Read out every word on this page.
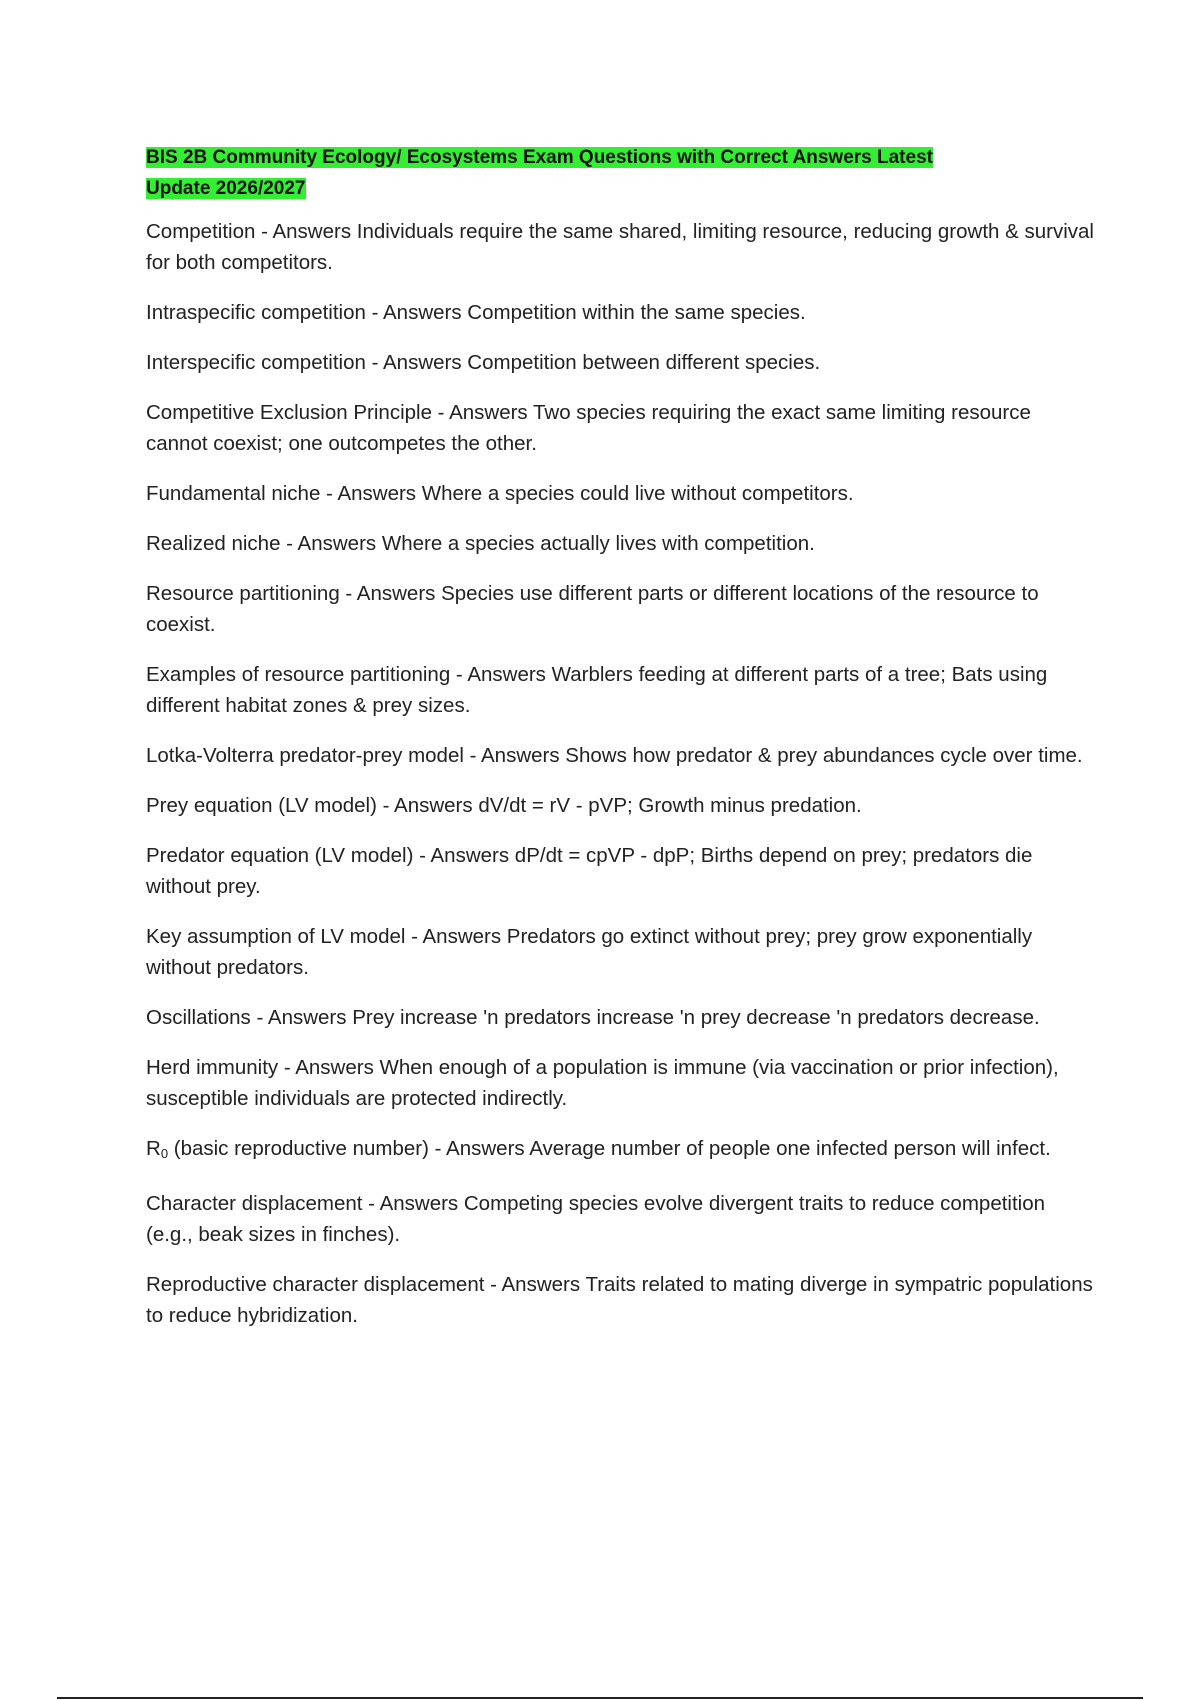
BIS 2B Community Ecology/ Ecosystems Exam Questions with Correct Answers Latest
Update 2026/2027
Competition - Answers Individuals require the same shared, limiting resource, reducing growth & survival for both competitors.
Intraspecific competition - Answers Competition within the same species.
Interspecific competition - Answers Competition between different species.
Competitive Exclusion Principle - Answers Two species requiring the exact same limiting resource cannot coexist; one outcompetes the other.
Fundamental niche - Answers Where a species could live without competitors.
Realized niche - Answers Where a species actually lives with competition.
Resource partitioning - Answers Species use different parts or different locations of the resource to coexist.
Examples of resource partitioning - Answers Warblers feeding at different parts of a tree; Bats using different habitat zones & prey sizes.
Lotka-Volterra predator-prey model - Answers Shows how predator & prey abundances cycle over time.
Prey equation (LV model) - Answers dV/dt = rV - pVP; Growth minus predation.
Predator equation (LV model) - Answers dP/dt = cpVP - dpP; Births depend on prey; predators die without prey.
Key assumption of LV model - Answers Predators go extinct without prey; prey grow exponentially without predators.
Oscillations - Answers Prey increase 'n predators increase 'n prey decrease 'n predators decrease.
Herd immunity - Answers When enough of a population is immune (via vaccination or prior infection), susceptible individuals are protected indirectly.
$R_0$ (basic reproductive number) - Answers Average number of people one infected person will infect.
Character displacement - Answers Competing species evolve divergent traits to reduce competition (e.g., beak sizes in finches).
Reproductive character displacement - Answers Traits related to mating diverge in sympatric populations to reduce hybridization.
